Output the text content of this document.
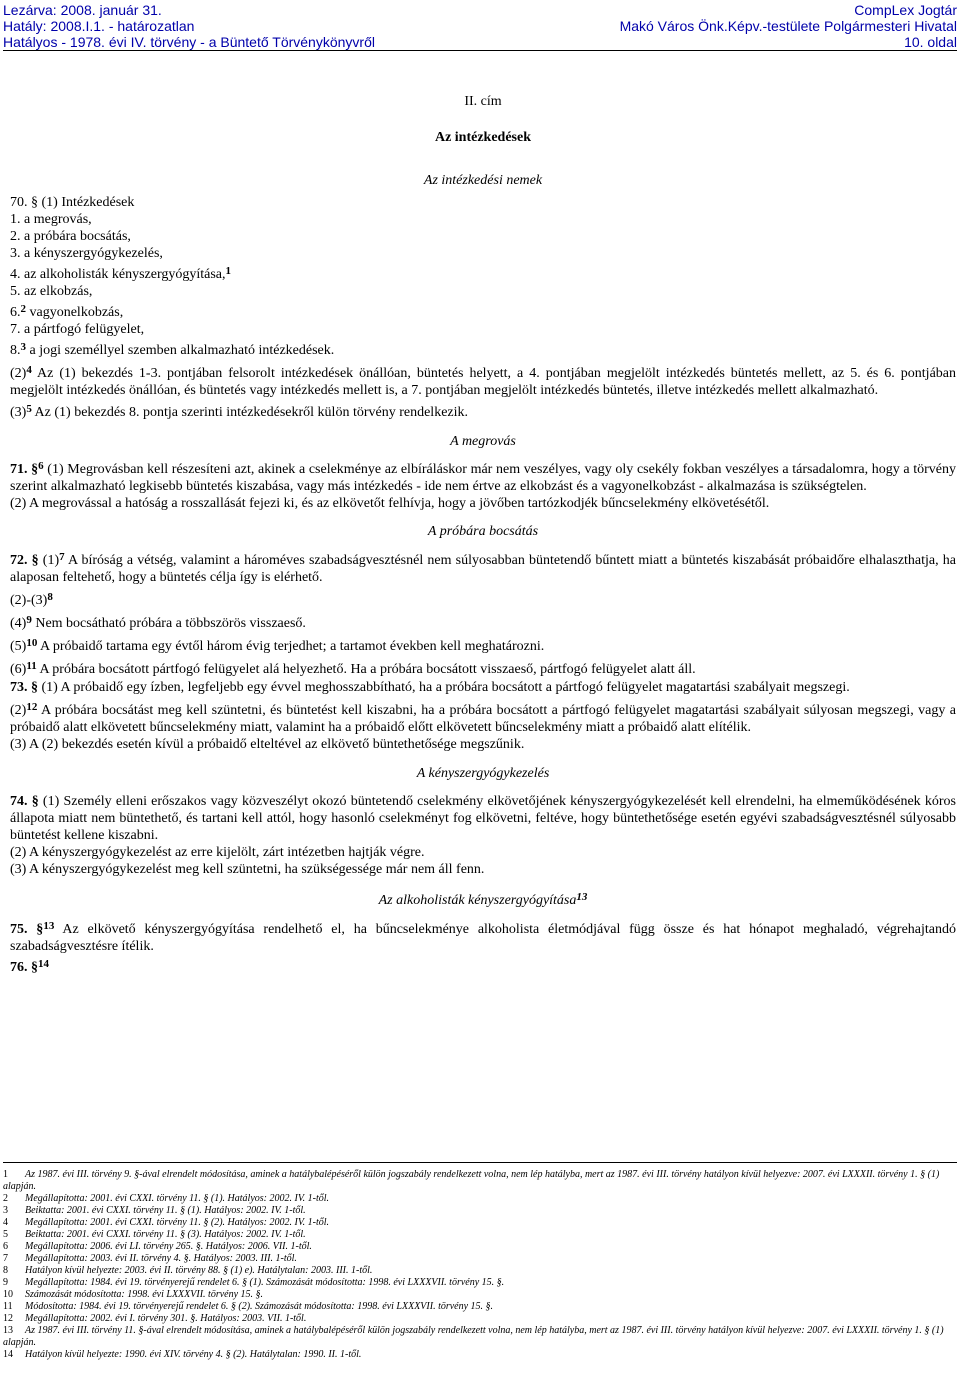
Lezárva: 2008. január 31.
Hatály: 2008.I.1. - határozatlan
Hatályos - 1978. évi IV. törvény - a Büntető Törvénykönyvről
CompLex Jogtár
Makó Város Önk.Képv.-testülete Polgármesteri Hivatal
10. oldal

II. cím

Az intézkedések

Az intézkedési nemek

70. § (1) Intézkedések

1. a megrovás,

2. a próbára bocsátás,

3. a kényszergyógykezelés,

4. az alkoholisták kényszergyógyítása,$^1$

5. az elkobzás,

6.$^2$ vagyonelkobzás,

7. a pártfogó felügyelet,

8.$^3$ a jogi személlyel szemben alkalmazható intézkedések.

$(2)^4$ Az (1) bekezdés 1-3. pontjában felsorolt intézkedések önállóan, büntetés helyett, a 4. pontjában megjelölt intézkedés büntetés mellett, az 5. és 6. pontjában megjelölt intézkedés önállóan, és büntetés vagy intézkedés mellett is, a 7. pontjában megjelölt intézkedés büntetés, illetve intézkedés mellett alkalmazható.

$(3)^5$ Az (1) bekezdés 8. pontja szerinti intézkedésekről külön törvény rendelkezik.

A megrovás

71. §$^6$ (1) Megrovásban kell részesíteni azt, akinek a cselekménye az elbíráláskor már nem veszélyes, vagy oly csekély fokban veszélyes a társadalomra, hogy a törvény szerint alkalmazható legkisebb büntetés kiszabása, vagy más intézkedés - ide nem értve az elkobzást és a vagyonelkobzást - alkalmazása is szükségtelen.

(2) A megrovással a hatóság a rosszallását fejezi ki, és az elkövetőt felhívja, hogy a jövőben tartózkodjék bűncselekmény elkövetésétől.

A próbára bocsátás

72. § $(1)^7$ A bíróság a vétség, valamint a hároméves szabadságvesztésnél nem súlyosabban büntetendő bűntett miatt a büntetés kiszabását próbaidőre elhalaszthatja, ha alaposan feltehető, hogy a büntetés célja így is elérhető.

$(2)-(3)^8$

$(4)^9$ Nem bocsátható próbára a többszörös visszaeső.

$(5)^{10}$ A próbaidő tartama egy évtől három évig terjedhet; a tartamot években kell meghatározni.

$(6)^{11}$ A próbára bocsátott pártfogó felügyelet alá helyezhető. Ha a próbára bocsátott visszaeső, pártfogó felügyelet alatt áll.

73. § (1) A próbaidő egy ízben, legfeljebb egy évvel meghosszabbítható, ha a próbára bocsátott a pártfogó felügyelet magatartási szabályait megszegi.

$(2)^{12}$ A próbára bocsátást meg kell szüntetni, és büntetést kell kiszabni, ha a próbára bocsátott a pártfogó felügyelet magatartási szabályait súlyosan megszegi, vagy a próbaidő alatt elkövetett bűncselekmény miatt, valamint ha a próbaidő előtt elkövetett bűncselekmény miatt a próbaidő alatt elítélik.

(3) A (2) bekezdés esetén kívül a próbaidő elteltével az elkövető büntethetősége megszűnik.

A kényszergyógykezelés

74. § (1) Személy elleni erőszakos vagy közveszélyt okozó büntetendő cselekmény elkövetőjének kényszergyógykezelését kell elrendelni, ha elmeműködésének kóros állapota miatt nem büntethető, és tartani kell attól, hogy hasonló cselekményt fog elkövetni, feltéve, hogy büntethetősége esetén egyévi szabadságvesztésnél súlyosabb büntetést kellene kiszabni.

(2) A kényszergyógykezelést az erre kijelölt, zárt intézetben hajtják végre.

(3) A kényszergyógykezelést meg kell szüntetni, ha szükségessége már nem áll fenn.

Az alkoholisták kényszergyógyítása$^{13}$

75. §$^{13}$ Az elkövető kényszergyógyítása rendelhető el, ha bűncselekménye alkoholista életmódjával függ össze és hat hónapot meghaladó, végrehajtandó szabadságvesztésre ítélik.

76. §$^{14}$

1 Az 1987. évi III. törvény 9. §-ával elrendelt módosítása, aminek a hatálybalépéséről külön jogszabály rendelkezett volna, nem lép hatályba, mert az 1987. évi III. törvény hatályon kívül helyezve: 2007. évi LXXXII. törvény 1. § (1) alapján.
2 Megállapította: 2001. évi CXXI. törvény 11. § (1). Hatályos: 2002. IV. 1-től.
3 Beiktatta: 2001. évi CXXI. törvény 11. § (1). Hatályos: 2002. IV. 1-től.
4 Megállapította: 2001. évi CXXI. törvény 11. § (2). Hatályos: 2002. IV. 1-től.
5 Beiktatta: 2001. évi CXXI. törvény 11. § (3). Hatályos: 2002. IV. 1-től.
6 Megállapította: 2006. évi LI. törvény 265. §. Hatályos: 2006. VII. 1-től.
7 Megállapította: 2003. évi II. törvény 4. §. Hatályos: 2003. III. 1-től.
8 Hatályon kívül helyezte: 2003. évi II. törvény 88. § (1) e). Hatálytalan: 2003. III. 1-től.
9 Megállapította: 1984. évi 19. törvényerejű rendelet 6. § (1). Számozását módosította: 1998. évi LXXXVII. törvény 15. §.
10 Számozását módosította: 1998. évi LXXXVII. törvény 15. §.
11 Módosította: 1984. évi 19. törvényerejű rendelet 6. § (2). Számozását módosította: 1998. évi LXXXVII. törvény 15. §.
12 Megállapította: 2002. évi I. törvény 301. §. Hatályos: 2003. VII. 1-től.
13 Az 1987. évi III. törvény 11. §-ával elrendelt módosítása, aminek a hatálybalépéséről külön jogszabály rendelkezett volna, nem lép hatályba, mert az 1987. évi III. törvény hatályon kívül helyezve: 2007. évi LXXXII. törvény 1. § (1) alapján.
14 Hatályon kívül helyezte: 1990. évi XIV. törvény 4. § (2). Hatálytalan: 1990. II. 1-től.
